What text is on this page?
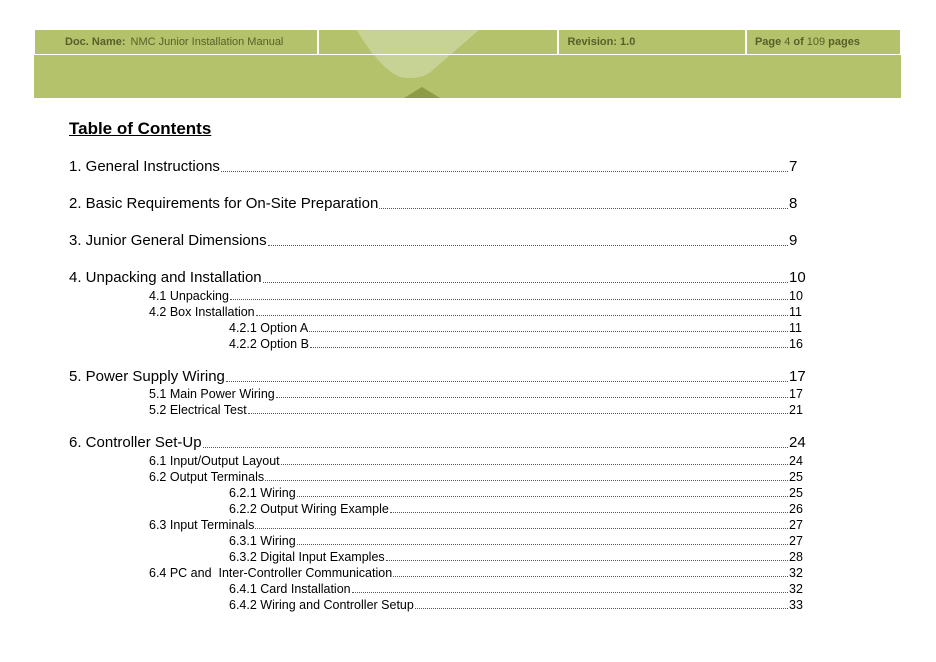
Doc. Name: NMC Junior Installation Manual	Revision: 1.0	Page 4 of 109 pages
Table of Contents
1. General Instructions	7
2. Basic Requirements for On-Site Preparation	8
3. Junior General Dimensions	9
4. Unpacking and Installation	10
4.1 Unpacking	10
4.2 Box Installation	11
4.2.1 Option A	11
4.2.2 Option B	16
5. Power Supply Wiring	17
5.1 Main Power Wiring	17
5.2 Electrical Test	21
6. Controller Set-Up	24
6.1 Input/Output Layout	24
6.2 Output Terminals	25
6.2.1 Wiring	25
6.2.2 Output Wiring Example	26
6.3 Input Terminals	27
6.3.1 Wiring	27
6.3.2 Digital Input Examples	28
6.4 PC and  Inter-Controller Communication	32
6.4.1 Card Installation	32
6.4.2 Wiring and Controller Setup	33
